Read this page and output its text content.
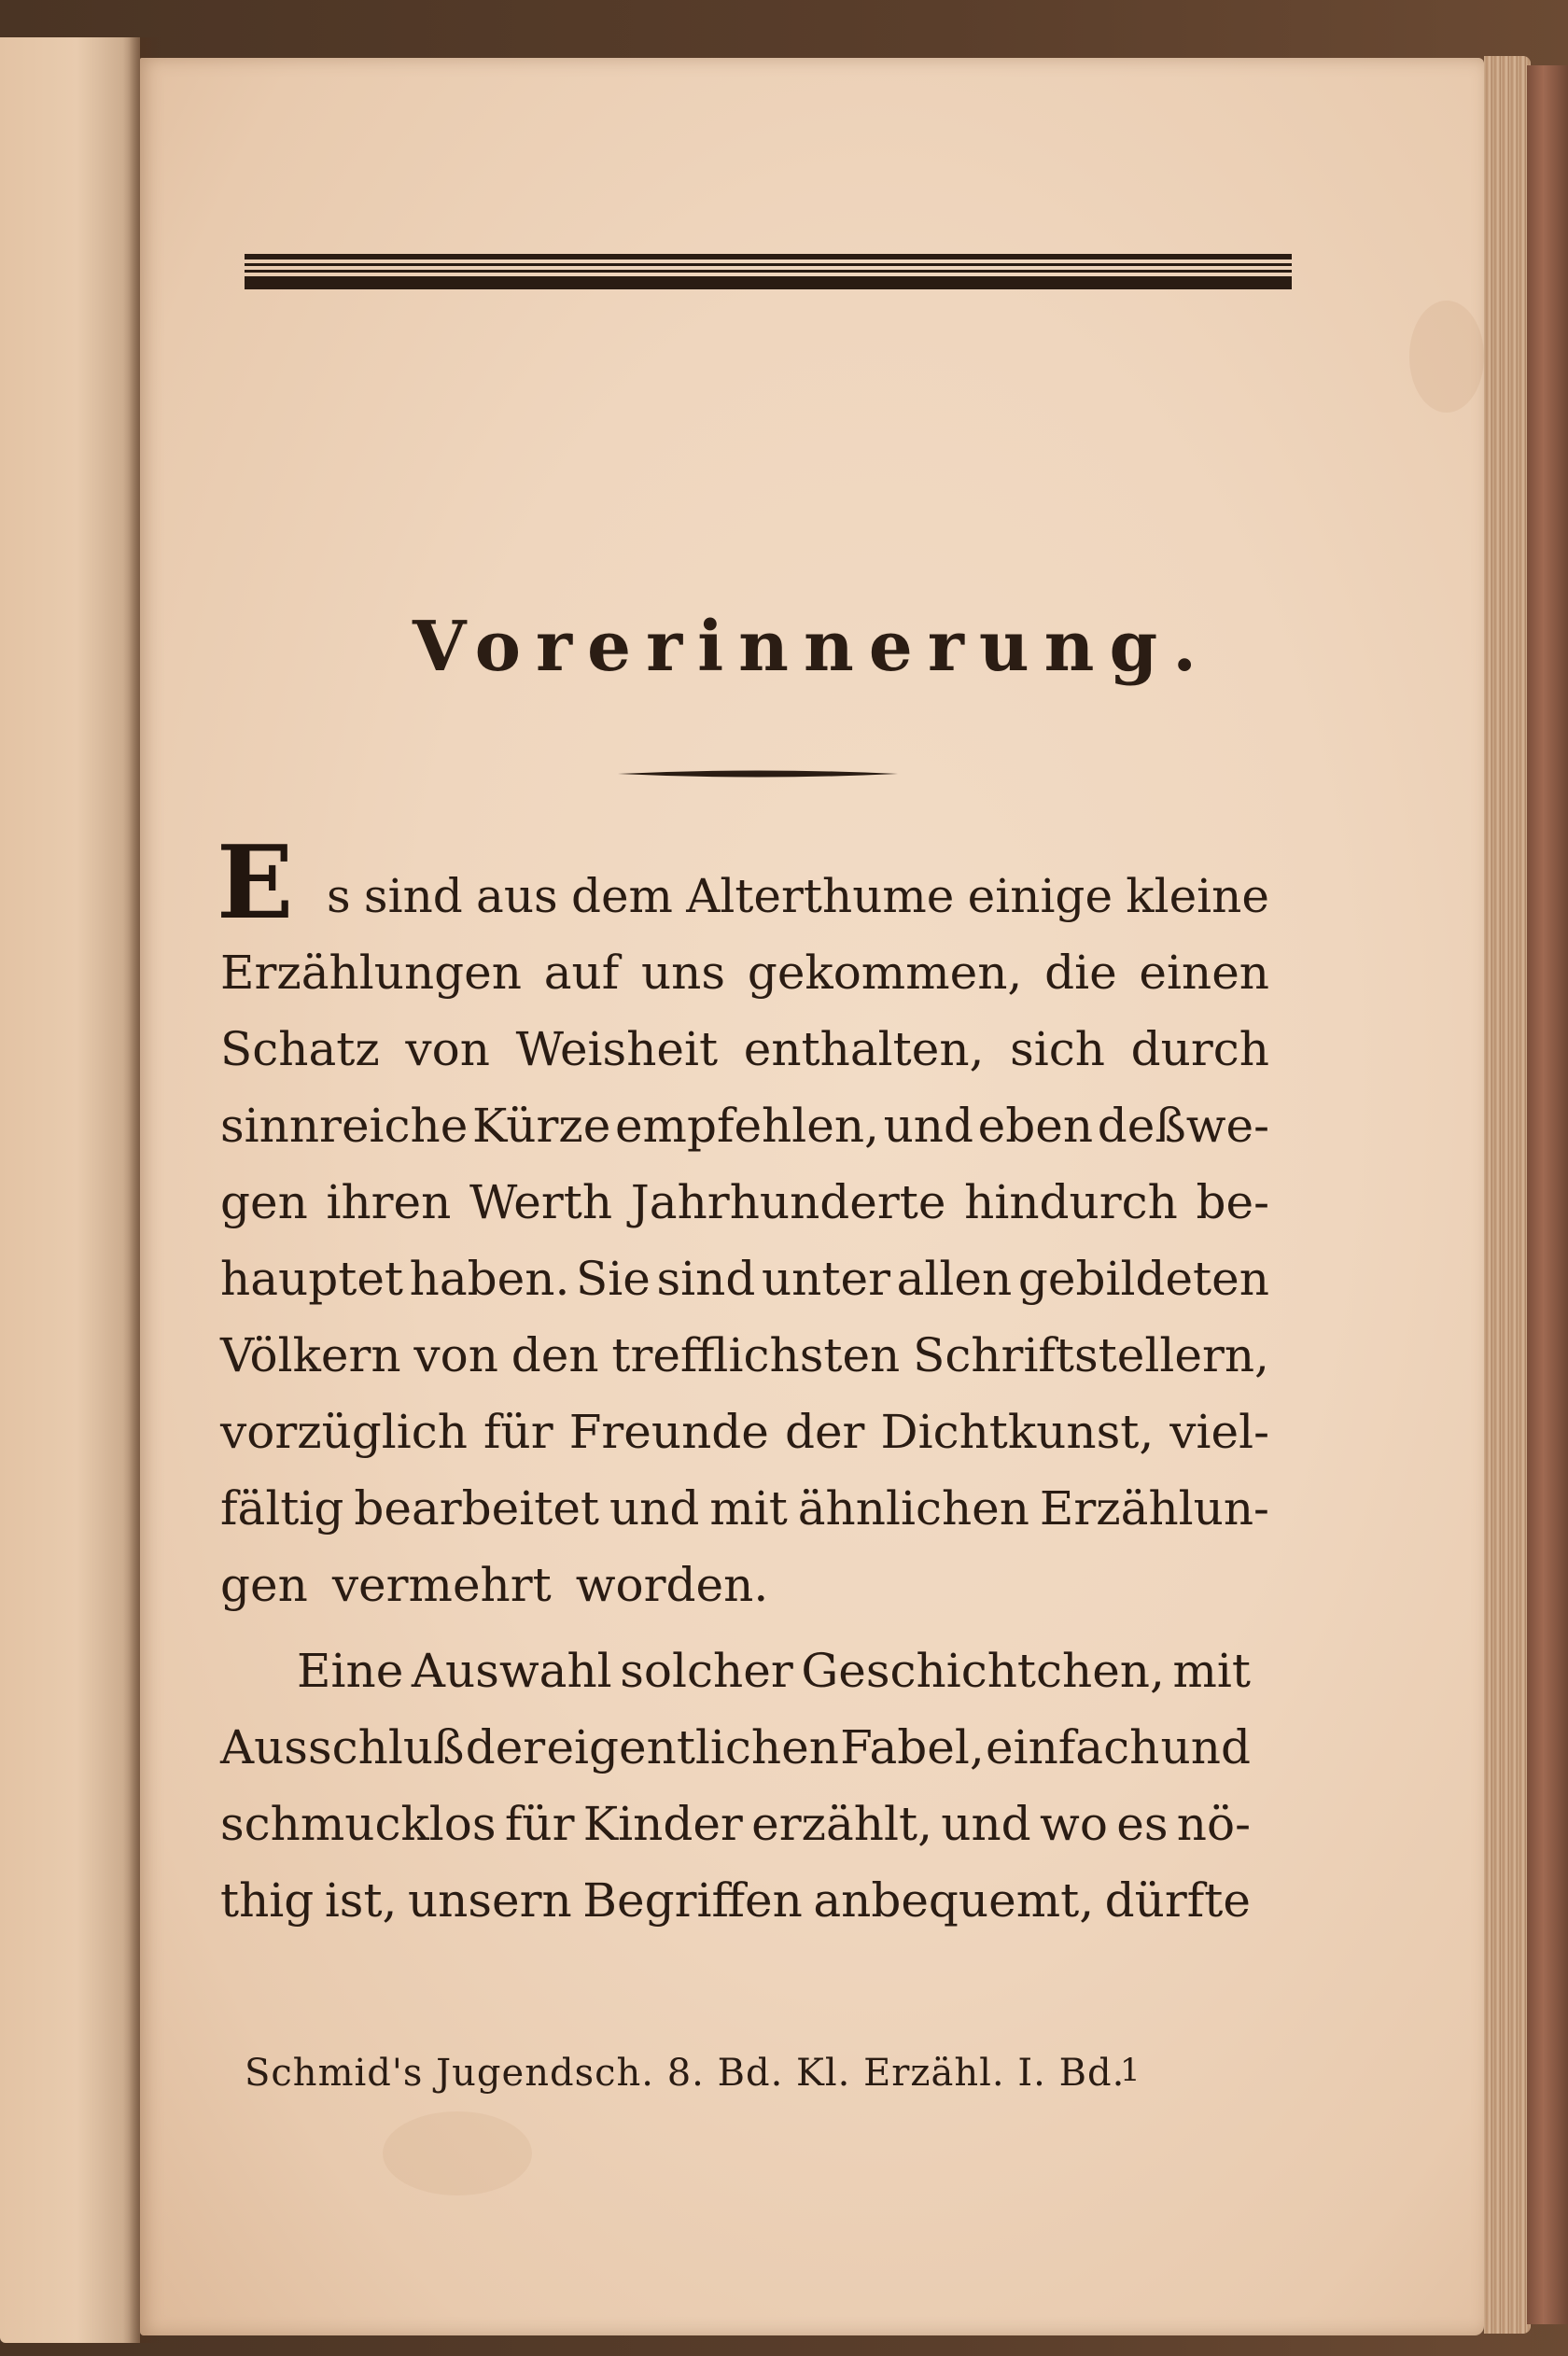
Vorerinnerung.
E s sind aus dem Alterthume einige kleine
Erzählungen auf uns gekommen, die einen
Schatz von Weisheit enthalten, sich durch
sinnreiche Kürze empfehlen, und eben deßwe-
gen ihren Werth Jahrhunderte hindurch be-
hauptet haben. Sie sind unter allen gebildeten
Völkern von den trefflichsten Schriftstellern,
vorzüglich für Freunde der Dichtkunst, viel-
fältig bearbeitet und mit ähnlichen Erzählun-
gen vermehrt worden.
Eine Auswahl solcher Geschichtchen, mit
Ausschluß der eigentlichen Fabel, einfach und
schmucklos für Kinder erzählt, und wo es nö-
thig ist, unsern Begriffen anbequemt, dürfte
Schmid's Jugendsch. 8. Bd. Kl. Erzähl. I. Bd.
1
